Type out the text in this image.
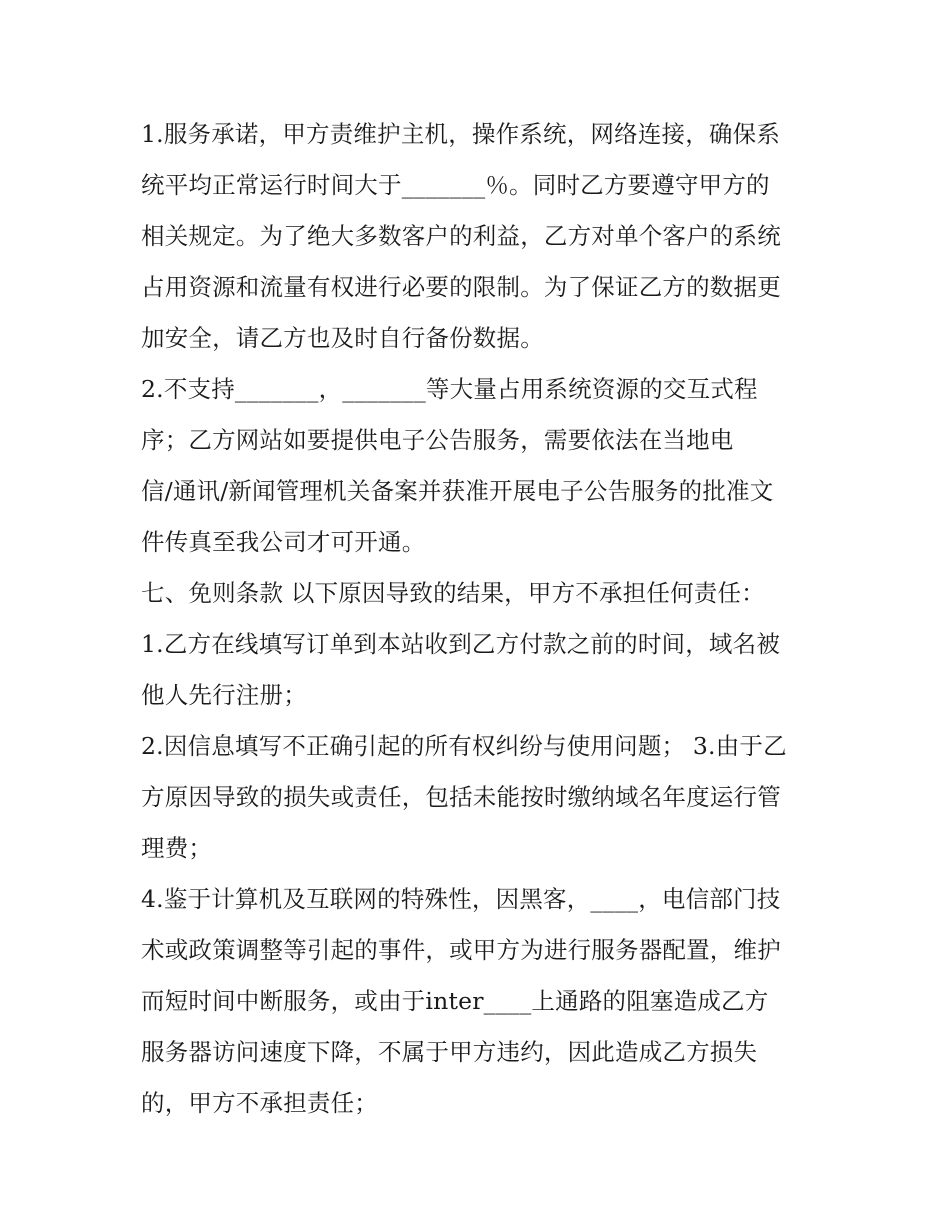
1.服务承诺，甲方责维护主机，操作系统，网络连接，确保系
统平均正常运行时间大于_______％。同时乙方要遵守甲方的
相关规定。为了绝大多数客户的利益，乙方对单个客户的系统
占用资源和流量有权进行必要的限制。为了保证乙方的数据更
加安全，请乙方也及时自行备份数据。

2.不支持_______，_______等大量占用系统资源的交互式程
序；乙方网站如要提供电子公告服务，需要依法在当地电
信/通讯/新闻管理机关备案并获准开展电子公告服务的批准文
件传真至我公司才可开通。

七、免则条款 以下原因导致的结果，甲方不承担任何责任：

1.乙方在线填写订单到本站收到乙方付款之前的时间，域名被
他人先行注册；

2.因信息填写不正确引起的所有权纠纷与使用问题； 3.由于乙
方原因导致的损失或责任，包括未能按时缴纳域名年度运行管
理费；

4.鉴于计算机及互联网的特殊性，因黑客，____，电信部门技
术或政策调整等引起的事件，或甲方为进行服务器配置，维护
而短时间中断服务，或由于inter____上通路的阻塞造成乙方
服务器访问速度下降，不属于甲方违约，因此造成乙方损失
的，甲方不承担责任；
